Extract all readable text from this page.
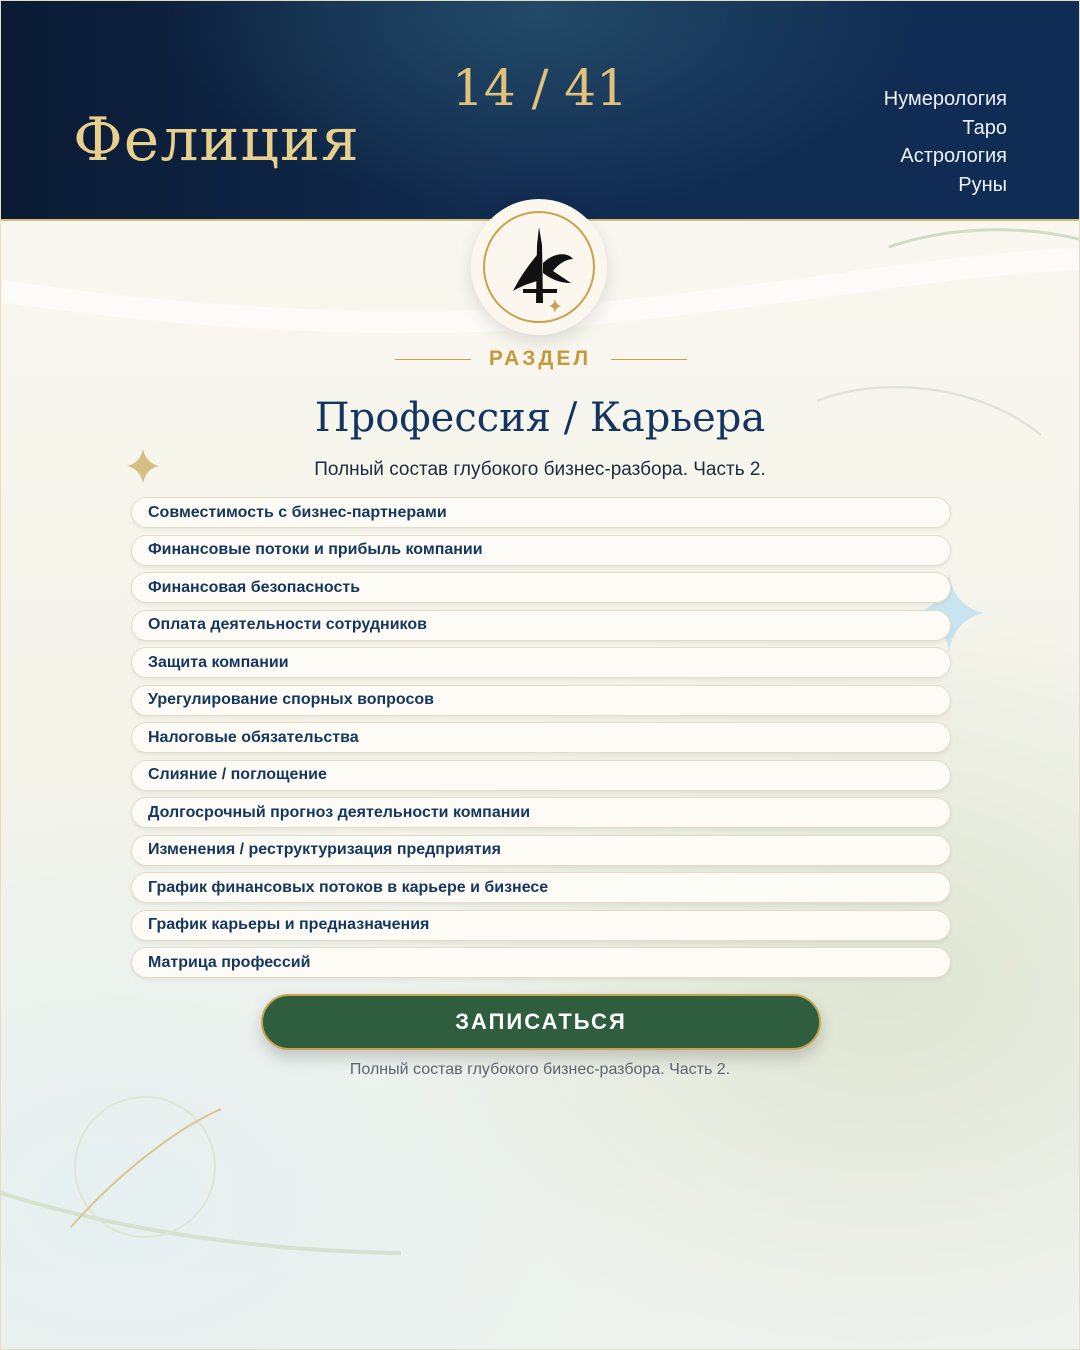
Фелиция
14 / 41	Нумерология
Таро
Астрология
Руны
РАЗДЕЛ
Профессия / Карьера
Полный состав глубокого бизнес-разбора. Часть 2.
Совместимость с бизнес-партнерами
Финансовые потоки и прибыль компании
Финансовая безопасность
Оплата деятельности сотрудников
Защита компании
Урегулирование спорных вопросов
Налоговые обязательства
Слияние / поглощение
Долгосрочный прогноз деятельности компании
Изменения / реструктуризация предприятия
График финансовых потоков в карьере и бизнесе
График карьеры и предназначения
Матрица профессий
ЗАПИСАТЬСЯ
Полный состав глубокого бизнес-разбора. Часть 2.
